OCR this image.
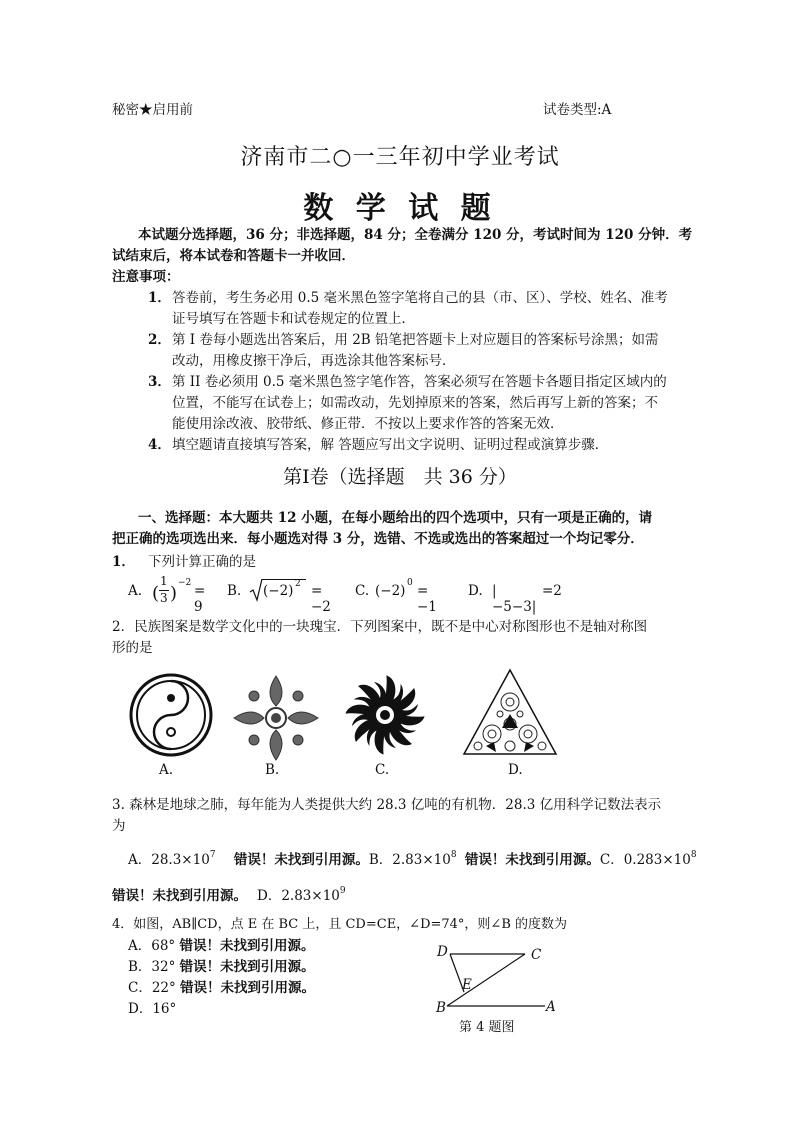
秘密★启用前	试卷类型:A
济南市二○一三年初中学业考试
数 学 试 题
本试题分选择题，36 分；非选择题，84 分；全卷满分 120 分，考试时间为 120 分钟．考
试结束后，将本试卷和答题卡一并收回．
注意事项：
1． 答卷前，考生务必用 0.5 毫米黑色签字笔将自己的县（市、区）、学校、姓名、准考
证号填写在答题卡和试卷规定的位置上．
2． 第 I 卷每小题选出答案后，用 2B 铅笔把答题卡上对应题目的答案标号涂黑；如需
改动，用橡皮擦干净后，再选涂其他答案标号．
3． 第 II 卷必须用 0.5 毫米黑色签字笔作答，答案必须写在答题卡各题目指定区域内的
位置，不能写在试卷上；如需改动，先划掉原来的答案，然后再写上新的答案；不
能使用涂改液、胶带纸、修正带．不按以上要求作答的答案无效．
4． 填空题请直接填写答案，解 答题应写出文字说明、证明过程或演算步骤．
第I卷（选择题　共 36 分）
一、选择题：本大题共 12 小题，在每小题给出的四个选项中，只有一项是正确的，请
把正确的选项选出来．每小题选对得 3 分，选错、不选或选出的答案超过一个均记零分．
1． 下列计算正确的是
A. (
1
3 ) −2 = 9
B. (−2) 2 = −2
C. (−2) 0 = −1
D. |−5−3|
=2
2．民族图案是数学文化中的一块瑰宝．下列图案中，既不是中心对称图形也不是轴对称图
形的是
A.	B.	C.	D.
3. 森林是地球之肺，每年能为人类提供大约 28.3 亿吨的有机物．28.3 亿用科学记数法表示
为
A．$28.3\times 10^7$ 错误！未找到引用源。B．$2.83\times 10^8$ 错误！未找到引用源。C．$0.283\times 10^8$
错误！未找到引用源。 D．$2.83\times 10^9$
4．如图，AB∥CD，点 E 在 BC 上，且 CD=CE，∠D=74°，则∠B 的度数为
A．68° 错误！未找到引用源。
B．32° 错误！未找到引用源。
C．22° 错误！未找到引用源。
D．16°
D	C
E
B	A
第 4 题图
